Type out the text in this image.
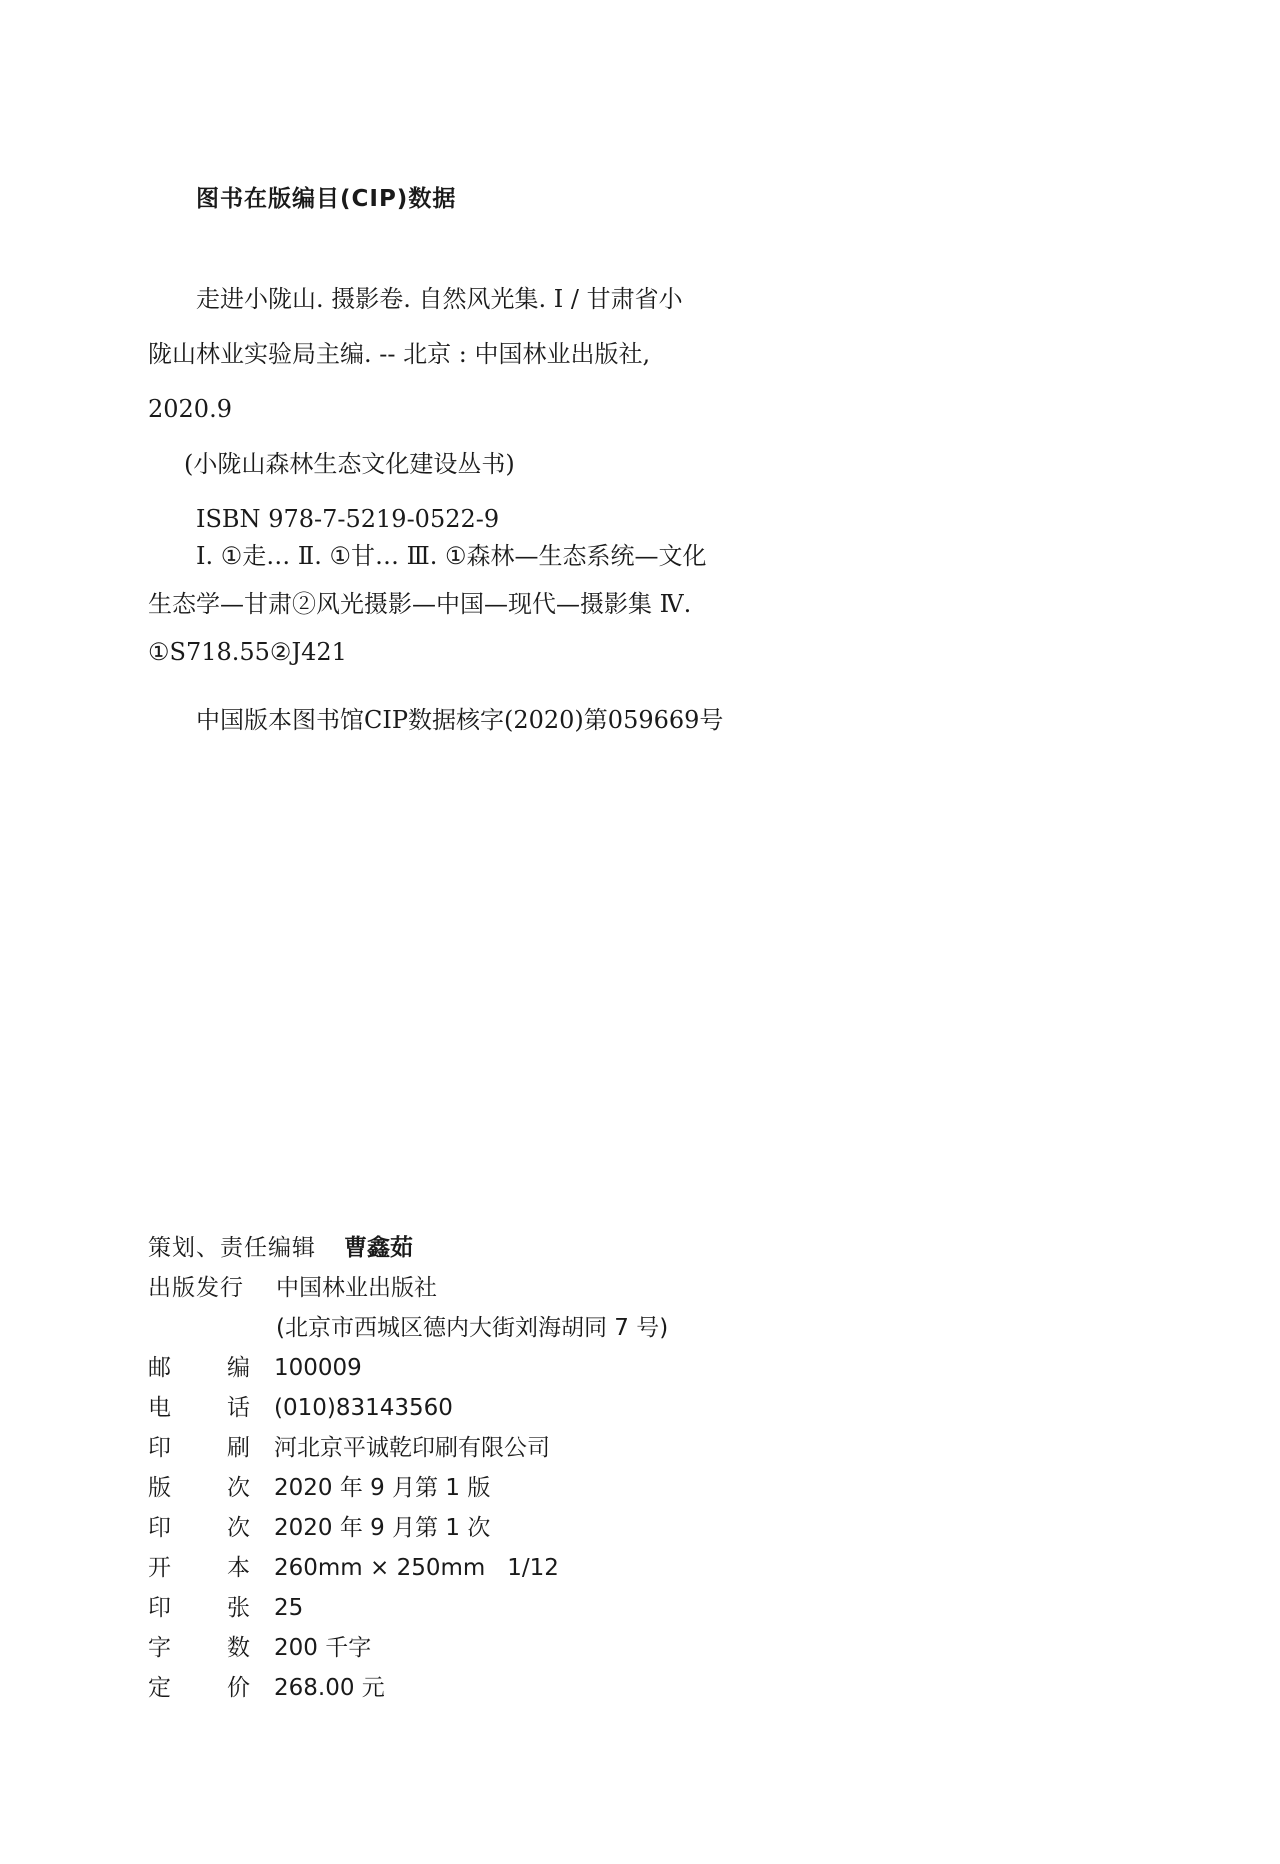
图书在版编目(CIP)数据
走进小陇山. 摄影卷. 自然风光集. Ⅰ / 甘肃省小
陇山林业实验局主编. -- 北京 : 中国林业出版社,
2020.9
(小陇山森林生态文化建设丛书)
ISBN 978-7-5219-0522-9
Ⅰ. ①走… Ⅱ. ①甘… Ⅲ. ①森林—生态系统—文化
生态学—甘肃②风光摄影—中国—现代—摄影集 Ⅳ.
①S718.55②J421
中国版本图书馆CIP数据核字(2020)第059669号
策划、责任编辑 曹鑫茹
出版发行 中国林业出版社
(北京市西城区德内大街刘海胡同 7 号)
邮 编 100009
电 话 (010)83143560
印 刷 河北京平诚乾印刷有限公司
版 次 2020 年 9 月第 1 版
印 次 2020 年 9 月第 1 次
开 本 260mm × 250mm   1/12
印 张 25
字 数 200 千字
定 价 268.00 元
